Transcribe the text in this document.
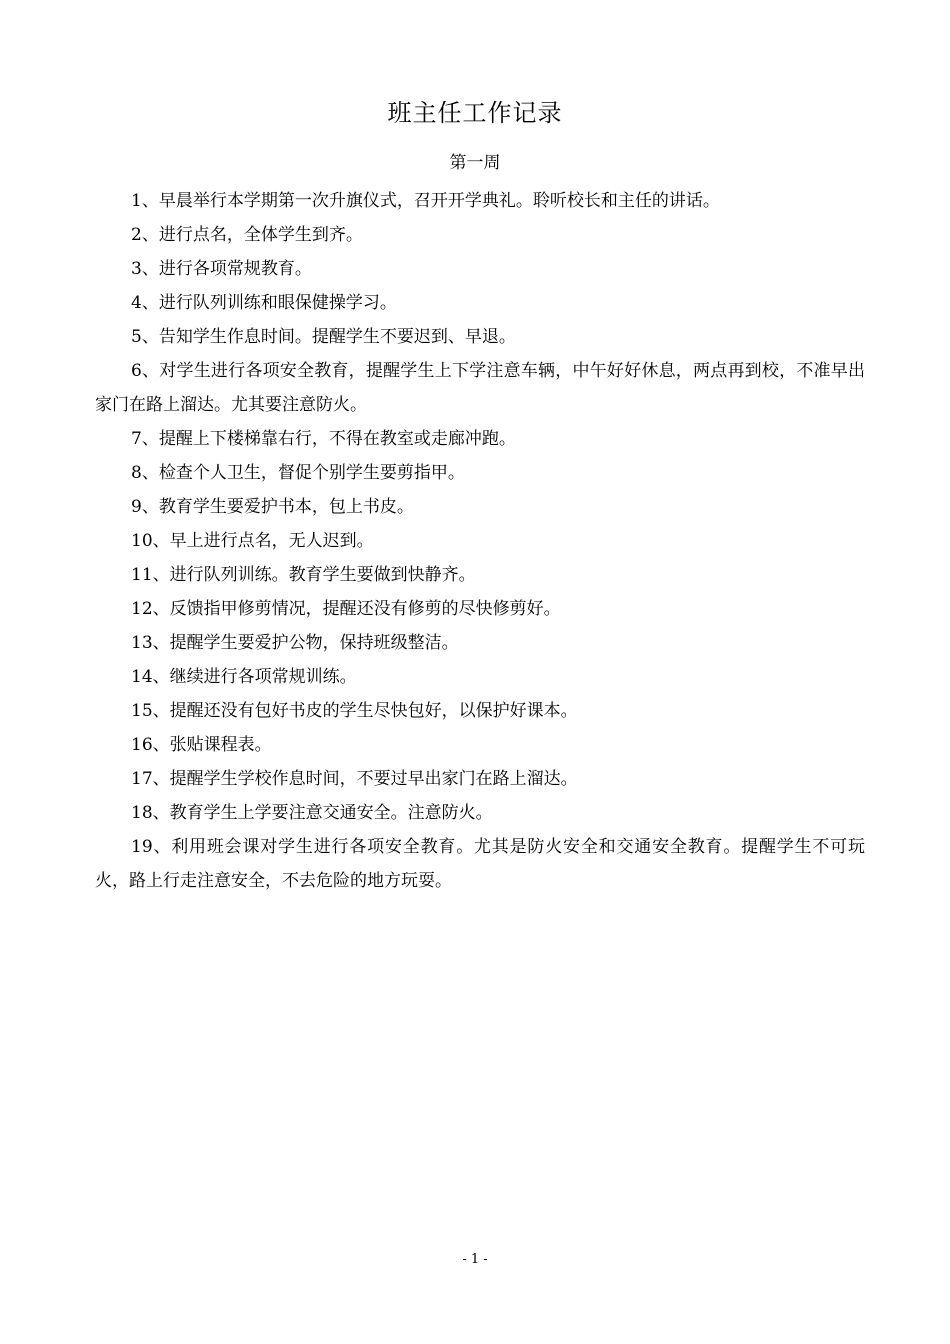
班主任工作记录
第一周

1、早晨举行本学期第一次升旗仪式，召开开学典礼。聆听校长和主任的讲话。

2、进行点名，全体学生到齐。

3、进行各项常规教育。

4、进行队列训练和眼保健操学习。

5、告知学生作息时间。提醒学生不要迟到、早退。

6、对学生进行各项安全教育，提醒学生上下学注意车辆，中午好好休息，两点再到校，不准早出家门在路上溜达。尤其要注意防火。

7、提醒上下楼梯靠右行，不得在教室或走廊冲跑。

8、检查个人卫生，督促个别学生要剪指甲。

9、教育学生要爱护书本，包上书皮。

10、早上进行点名，无人迟到。

11、进行队列训练。教育学生要做到快静齐。

12、反馈指甲修剪情况，提醒还没有修剪的尽快修剪好。

13、提醒学生要爱护公物，保持班级整洁。

14、继续进行各项常规训练。

15、提醒还没有包好书皮的学生尽快包好，以保护好课本。

16、张贴课程表。

17、提醒学生学校作息时间，不要过早出家门在路上溜达。

18、教育学生上学要注意交通安全。注意防火。

19、利用班会课对学生进行各项安全教育。尤其是防火安全和交通安全教育。提醒学生不可玩火，路上行走注意安全，不去危险的地方玩耍。

- 1 -
